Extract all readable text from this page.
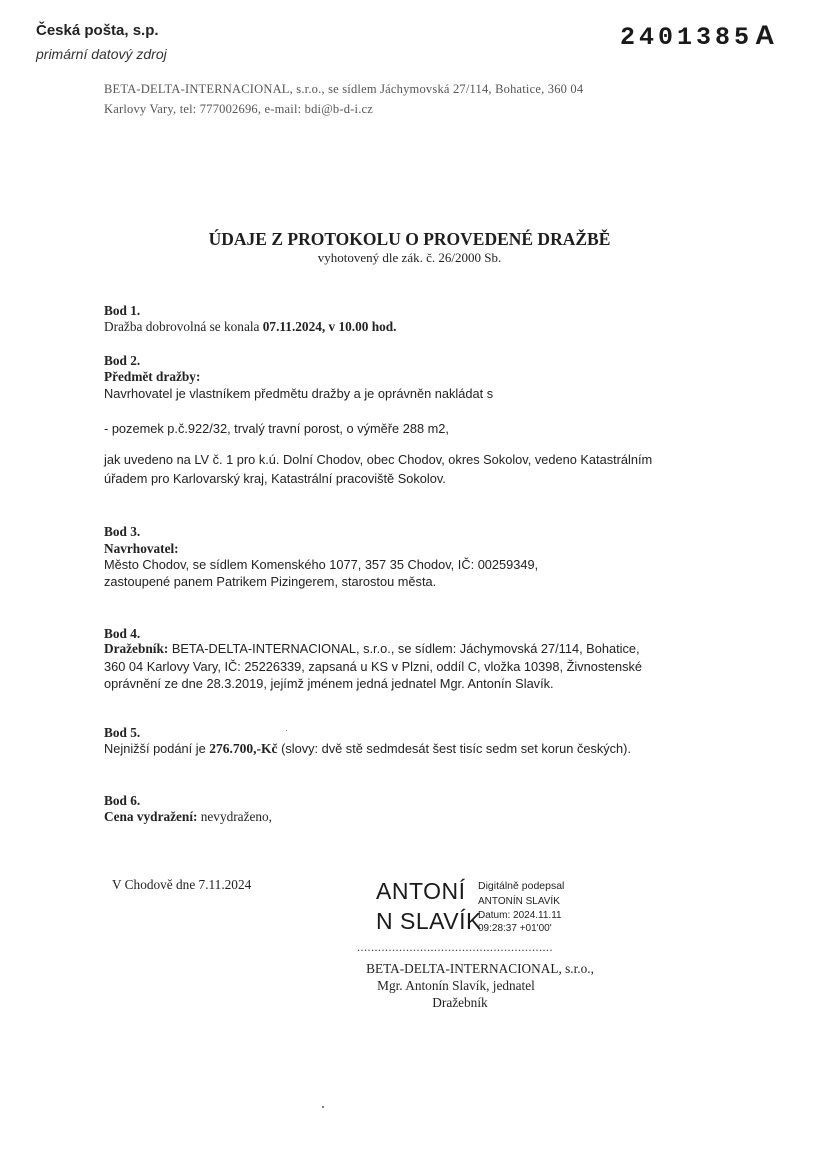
Česká pošta, s.p.
primární datový zdroj
2401385A
BETA-DELTA-INTERNACIONAL, s.r.o., se sídlem Jáchymovská 27/114, Bohatice, 360 04
Karlovy Vary, tel: 777002696, e-mail: bdi@b-d-i.cz
ÚDAJE Z PROTOKOLU O PROVEDENÉ DRAŽBĚ
vyhotovený dle zák. č. 26/2000 Sb.
Bod 1.
Dražba dobrovolná se konala 07.11.2024, v 10.00 hod.
Bod 2.
Předmět dražby:
Navrhovatel je vlastníkem předmětu dražby a je oprávněn nakládat s
- pozemek p.č.922/32, trvalý travní porost, o výměře 288 m2,
jak uvedeno na LV č. 1 pro k.ú. Dolní Chodov, obec Chodov, okres Sokolov, vedeno Katastrálním
úřadem pro Karlovarský kraj, Katastrální pracoviště Sokolov.
Bod 3.
Navrhovatel:
Město Chodov, se sídlem Komenského 1077, 357 35 Chodov, IČ: 00259349,
zastoupené panem Patrikem Pizingerem, starostou města.
Bod 4.
Dražebník: BETA-DELTA-INTERNACIONAL, s.r.o., se sídlem: Jáchymovská 27/114, Bohatice,
360 04 Karlovy Vary, IČ: 25226339, zapsaná u KS v Plzni, oddíl C, vložka 10398, Živnostenské
oprávnění ze dne 28.3.2019, jejímž jménem jedná jednatel Mgr. Antonín Slavík.
Bod 5.
Nejnižší podání je 276.700,-Kč (slovy: dvě stě sedmdesát šest tisíc sedm set korun českých).
Bod 6.
Cena vydražení: nevydraženo,
V Chodově dne 7.11.2024	ANTONÍ
N SLAVÍK
Digitálně podepsal
ANTONÍN SLAVÍK
Datum: 2024.11.11
09:28:37 +01'00'
........................................................
BETA-DELTA-INTERNACIONAL, s.r.o.,
Mgr. Antonín Slavík, jednatel
Dražebník
